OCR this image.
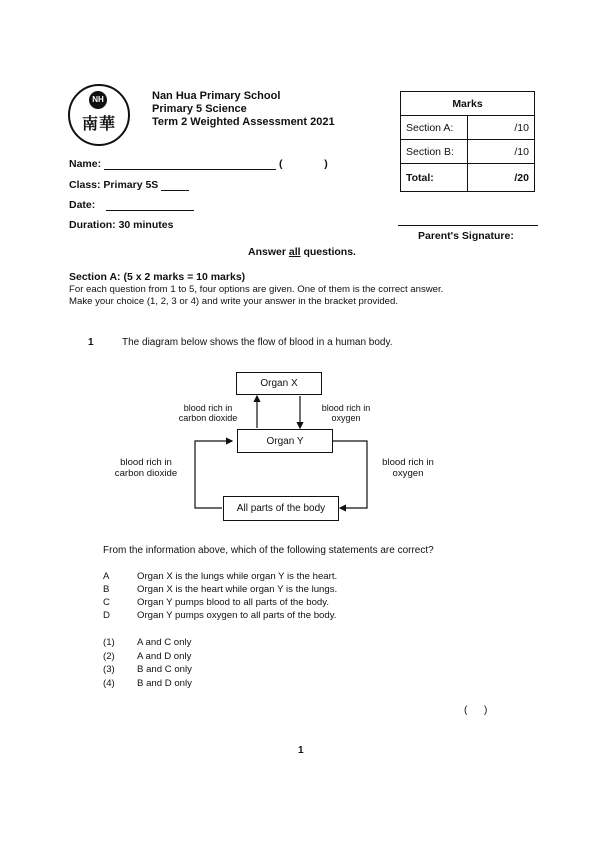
NH
南華
Nan Hua Primary School
Primary 5 Science
Term 2 Weighted Assessment 2021
Name:	(	)
Class: Primary 5S
Date:
Duration: 30 minutes
Marks	
Section A:	/10
Section B:	/10
Total:	/20
Parent's Signature:
Answer all questions.
Section A: (5 x 2 marks = 10 marks)
For each question from 1 to 5, four options are given. One of them is the correct answer.
Make your choice (1, 2, 3 or 4) and write your answer in the bracket provided.
1	The diagram below shows the flow of blood in a human body.
Organ X
Organ Y
All parts of the body
blood rich in
carbon dioxide
blood rich in
oxygen
blood rich in
carbon dioxide
blood rich in
oxygen
From the information above, which of the following statements are correct?
A	Organ X is the lungs while organ Y is the heart.
B	Organ X is the heart while organ Y is the lungs.
C	Organ Y pumps blood to all parts of the body.
D	Organ Y pumps oxygen to all parts of the body.
(1) A and C only
(2) A and D only
(3) B and C only
(4) B and D only
(      )
1
